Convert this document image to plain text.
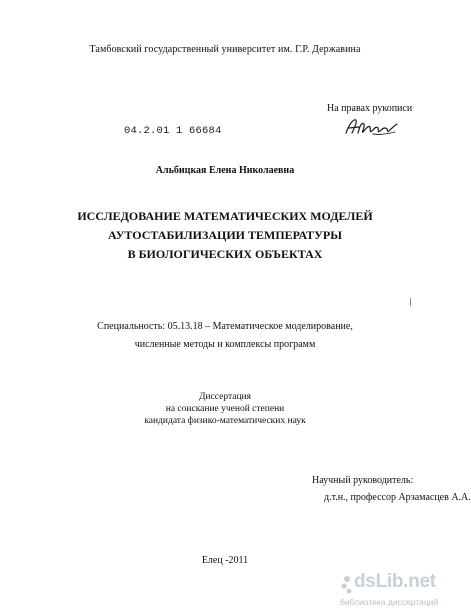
Тамбовский государственный университет им. Г.Р. Державина
На правах рукописи
04.2.01 1 66684
Альбицкая Елена Николаевна
ИССЛЕДОВАНИЕ МАТЕМАТИЧЕСКИХ МОДЕЛЕЙ
АУТОСТАБИЛИЗАЦИИ ТЕМПЕРАТУРЫ
В БИОЛОГИЧЕСКИХ ОБЪЕКТАХ
Специальность: 05.13.18 – Математическое моделирование,
численные методы и комплексы программ
Диссертация
на соискание ученой степени
кандидата физико-математических наук
Научный руководитель:
д.т.н., профессор Арзамасцев А.А.
Елец -2011
dsLib.net
библиотека диссертаций
